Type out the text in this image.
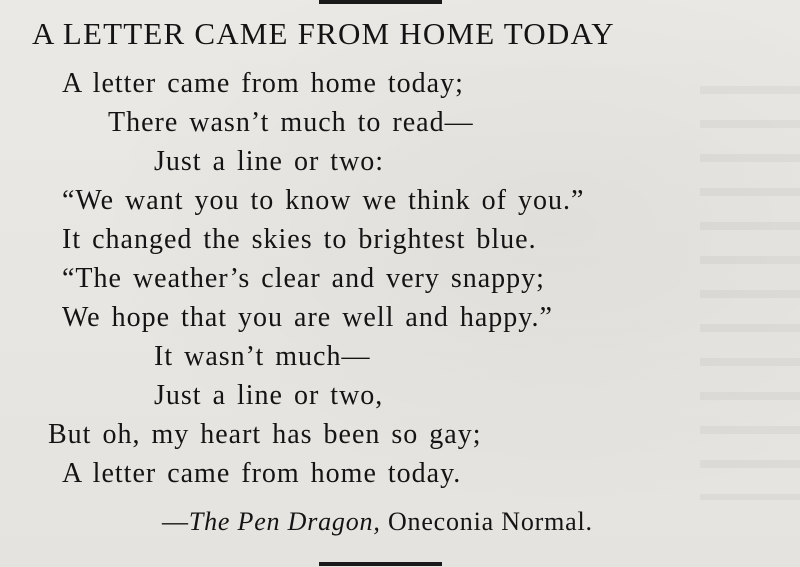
A LETTER CAME FROM HOME TODAY
A letter came from home today;
There wasn’t much to read—
Just a line or two:
“We want you to know we think of you.”
It changed the skies to brightest blue.
“The weather’s clear and very snappy;
We hope that you are well and happy.”
It wasn’t much—
Just a line or two,
But oh, my heart has been so gay;
A letter came from home today.
—The Pen Dragon, Oneconia Normal.
